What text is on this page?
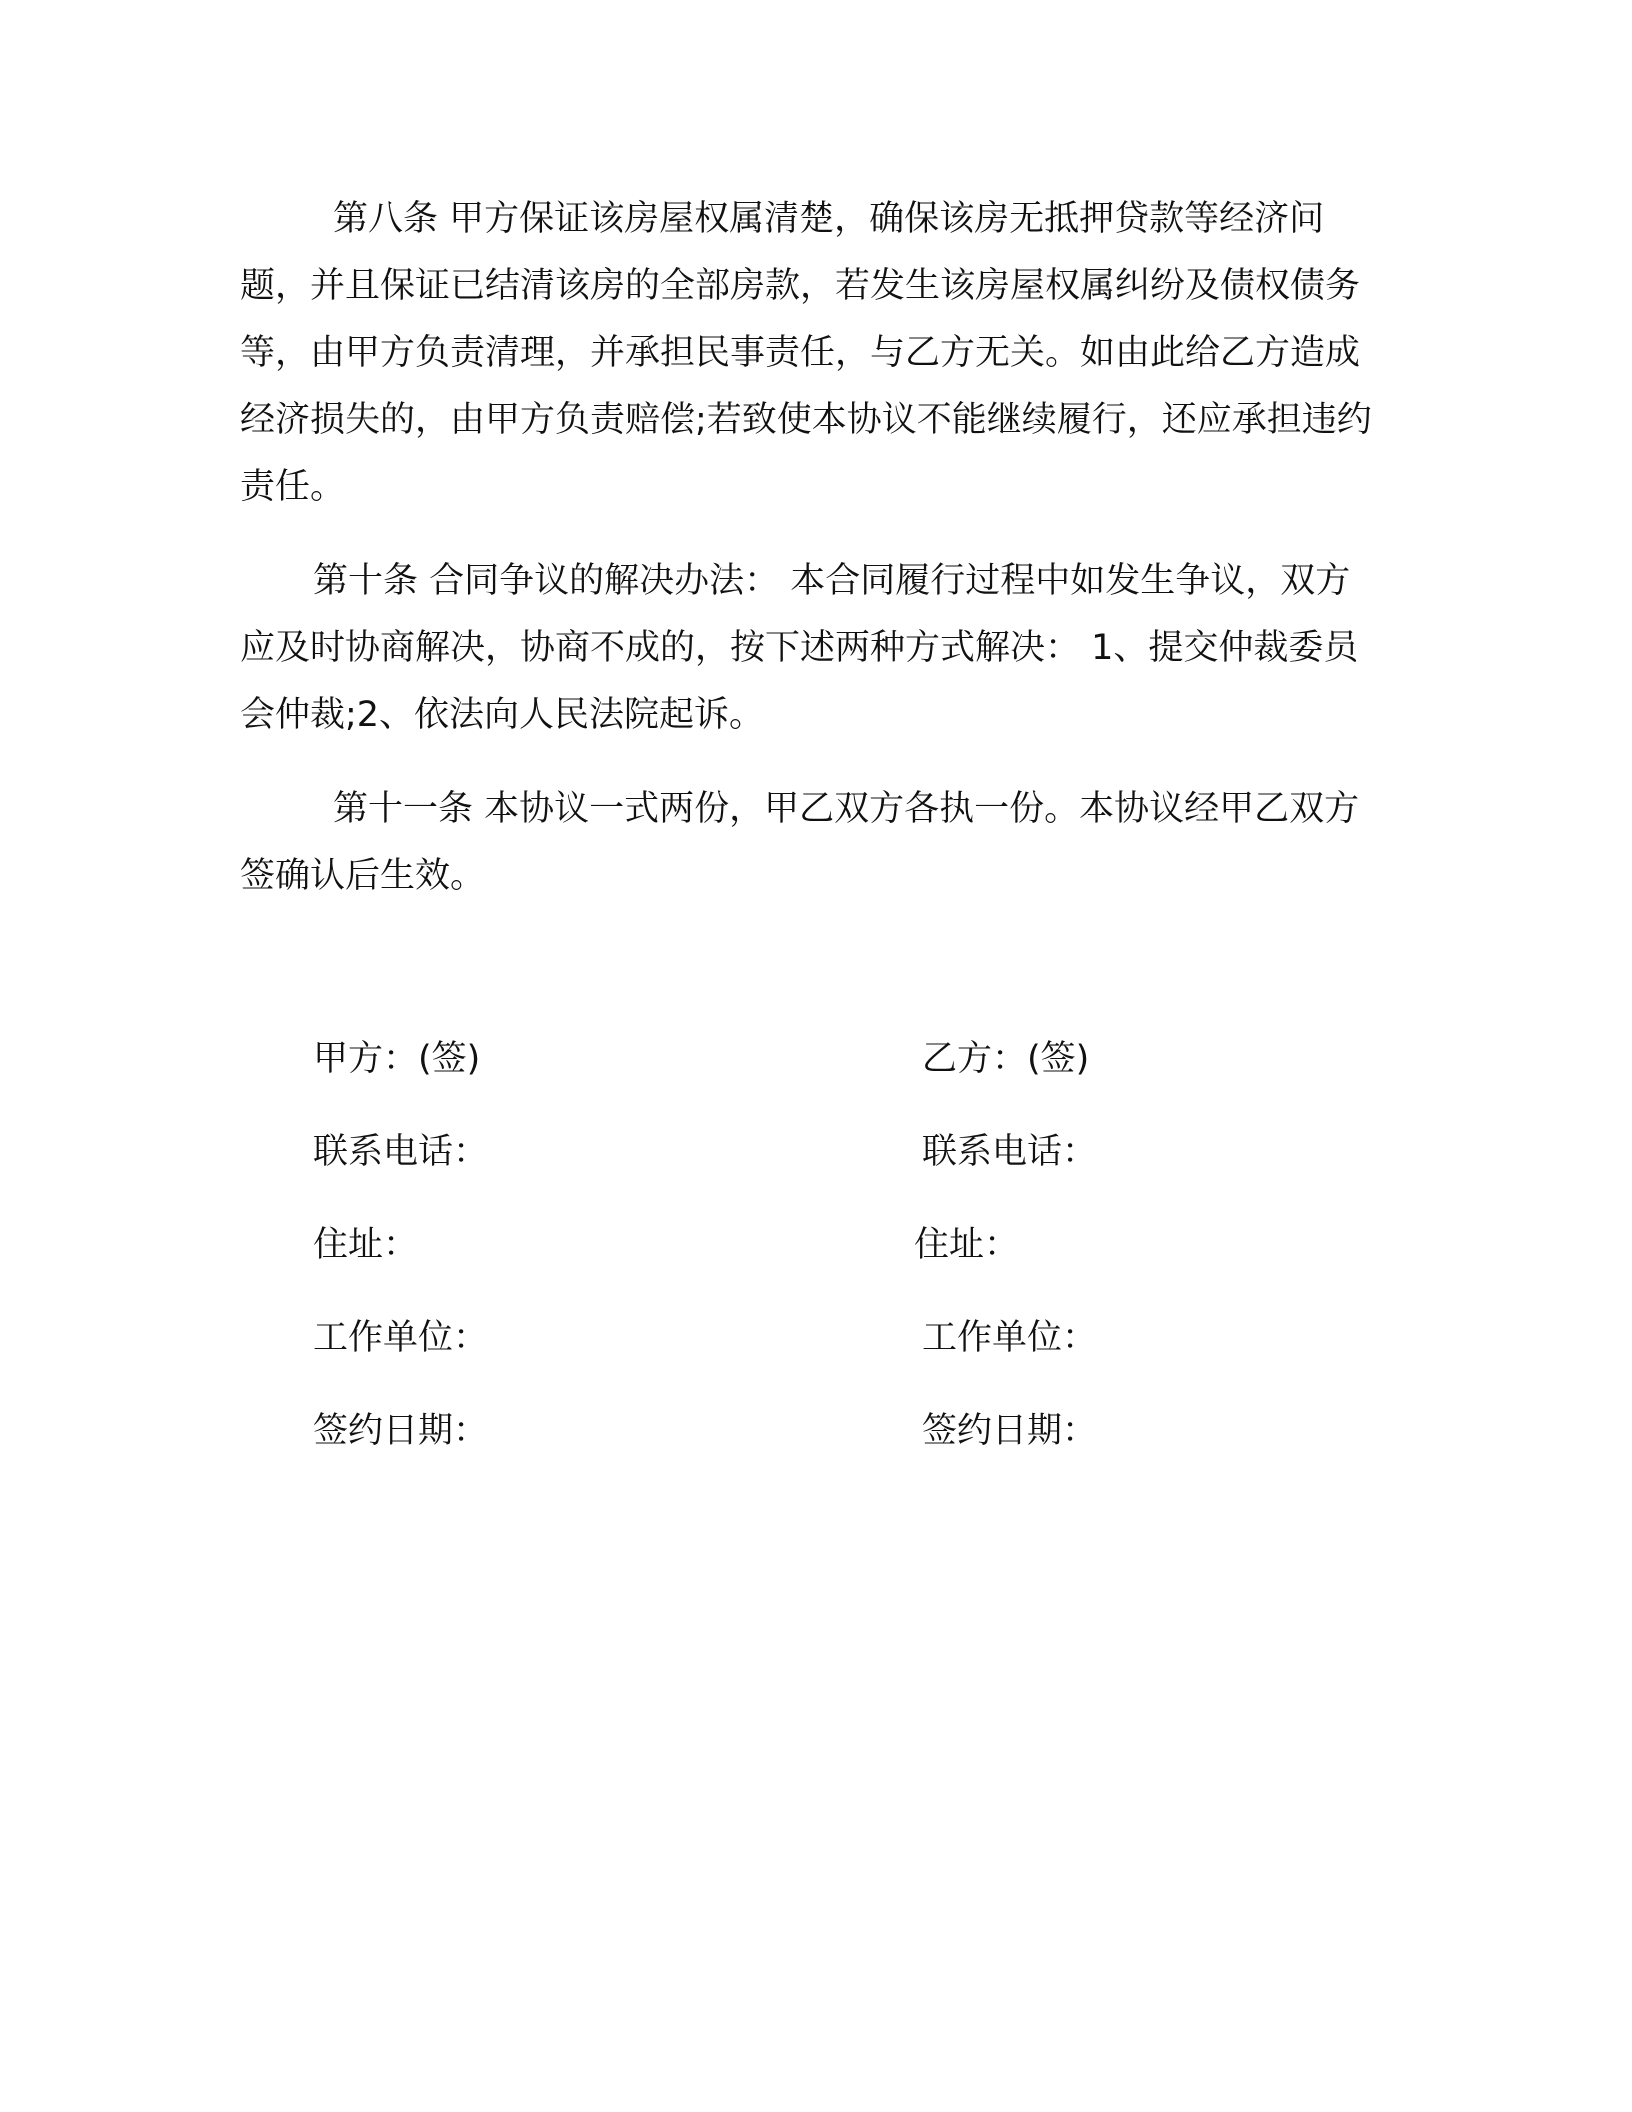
第八条 甲方保证该房屋权属清楚，确保该房无抵押贷款等经济问题，并且保证已结清该房的全部房款，若发生该房屋权属纠纷及债权债务等，由甲方负责清理，并承担民事责任，与乙方无关。如由此给乙方造成经济损失的，由甲方负责赔偿;若致使本协议不能继续履行，还应承担违约责任。

第十条 合同争议的解决办法： 本合同履行过程中如发生争议，双方应及时协商解决，协商不成的，按下述两种方式解决： 1、提交仲裁委员会仲裁;2、依法向人民法院起诉。

第十一条 本协议一式两份，甲乙双方各执一份。本协议经甲乙双方签确认后生效。

甲方：(签)	乙方：(签)
联系电话：	联系电话：
住址：	住址：
工作单位：	工作单位：
签约日期：	签约日期：
